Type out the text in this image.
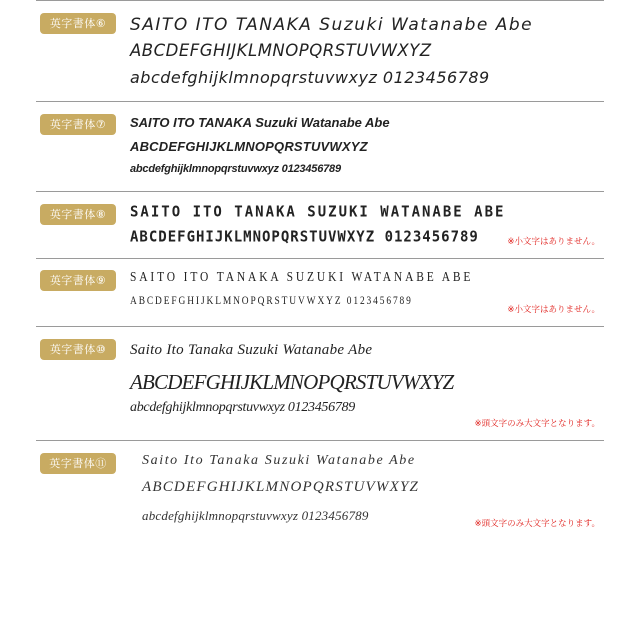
英字書体⑥	SAITO ITO TANAKA Suzuki Watanabe Abe

ABCDEFGHIJKLMNOPQRSTUVWXYZ

abcdefghijklmnopqrstuvwxyz 0123456789

英字書体⑦	SAITO ITO TANAKA Suzuki Watanabe Abe

ABCDEFGHIJKLMNOPQRSTUVWXYZ

abcdefghijklmnopqrstuvwxyz 0123456789

英字書体⑧	SAITO ITO TANAKA SUZUKI WATANABE ABE

ABCDEFGHIJKLMNOPQRSTUVWXYZ 0123456789	※小文字はありません。
英字書体⑨	SAITO ITO TANAKA SUZUKI WATANABE ABE

ABCDEFGHIJKLMNOPQRSTUVWXYZ 0123456789

※小文字はありません。
英字書体⑩	Saito Ito Tanaka Suzuki Watanabe Abe

ABCDEFGHIJKLMNOPQRSTUVWXYZ

abcdefghijklmnopqrstuvwxyz 0123456789

※頭文字のみ大文字となります。
英字書体⑪	Saito Ito Tanaka Suzuki Watanabe Abe

ABCDEFGHIJKLMNOPQRSTUVWXYZ

abcdefghijklmnopqrstuvwxyz 0123456789

※頭文字のみ大文字となります。
